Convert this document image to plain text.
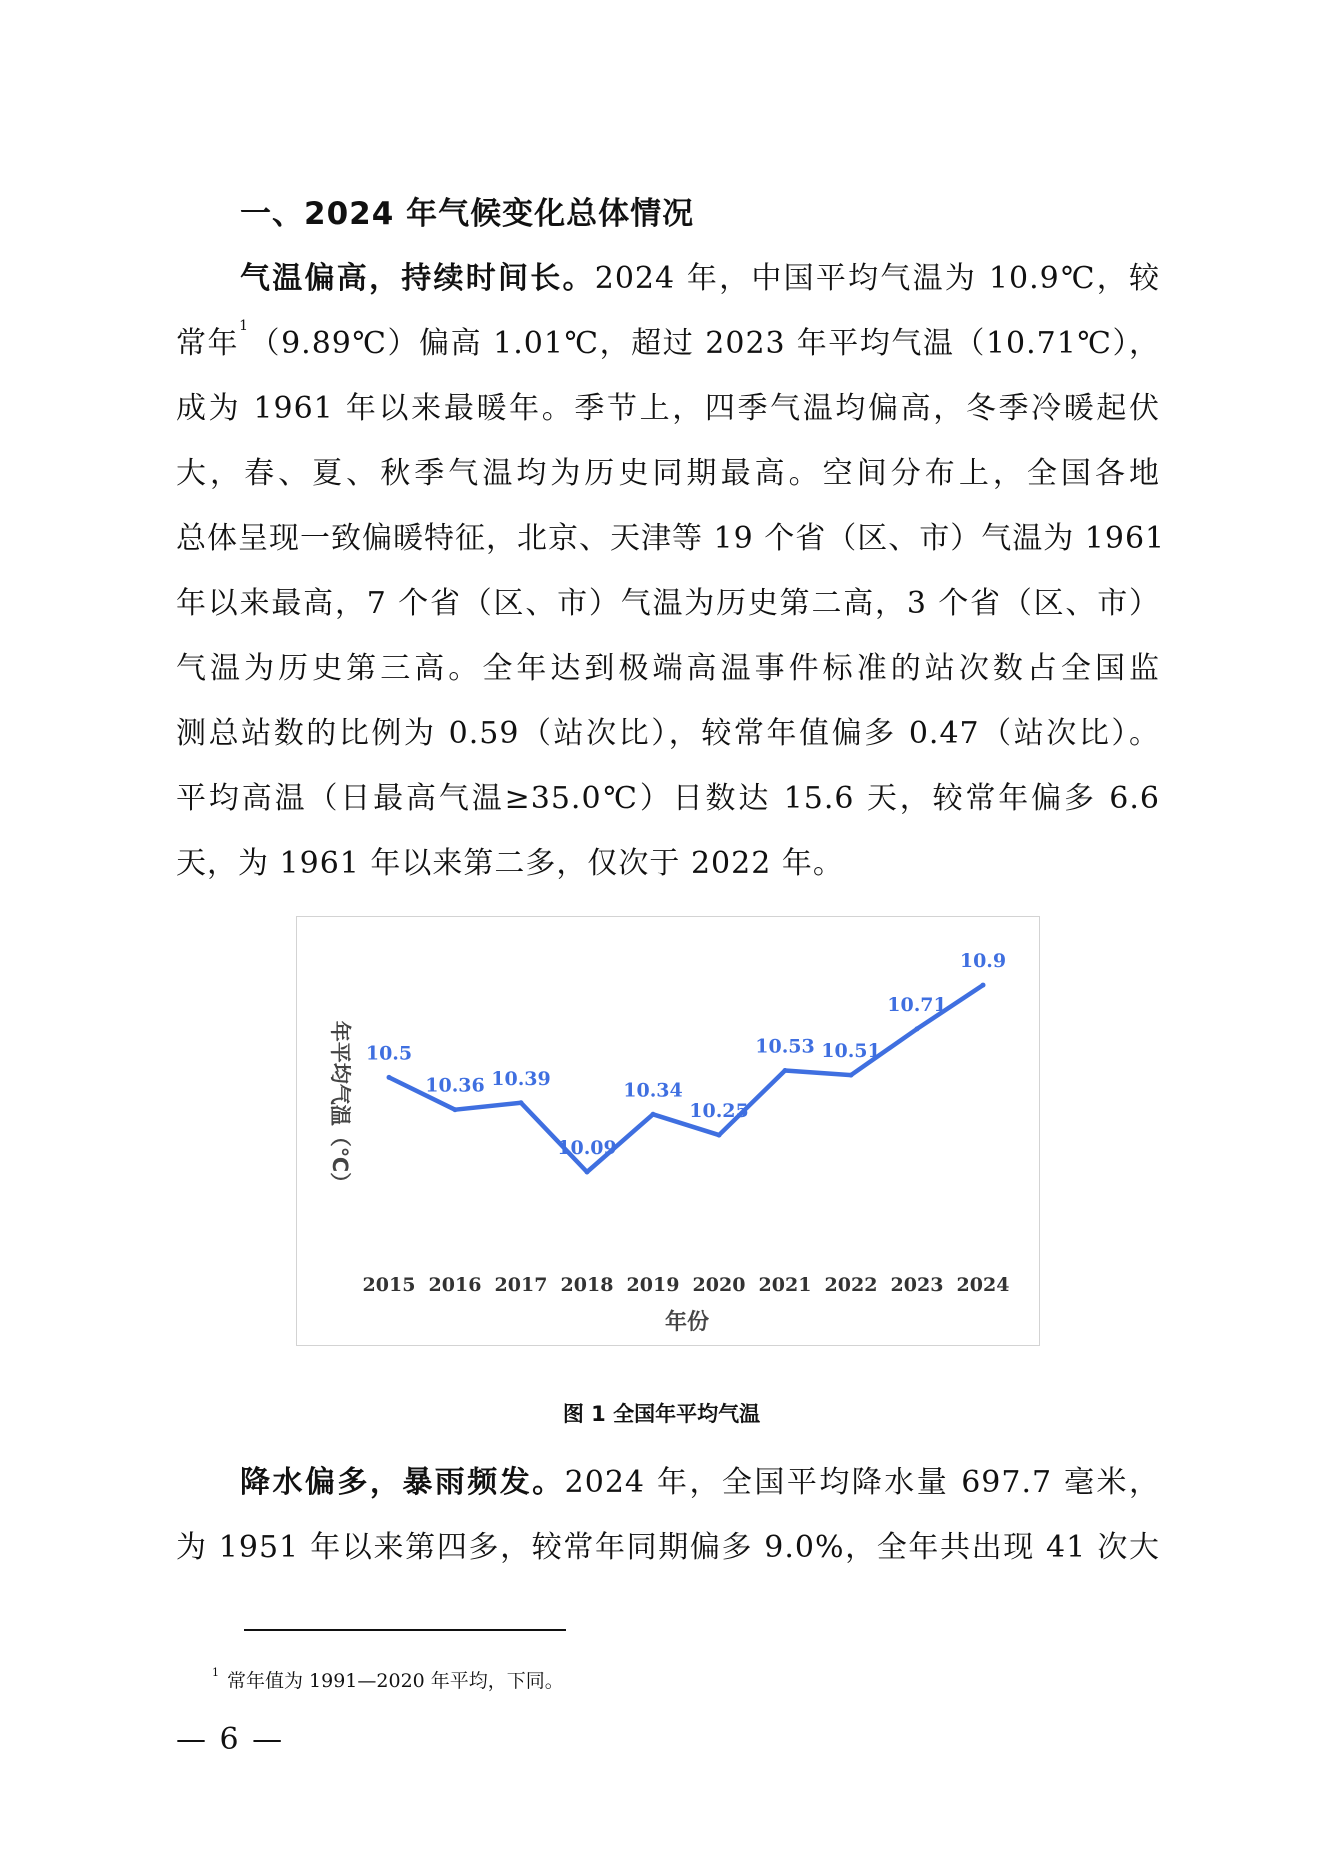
一、2024 年气候变化总体情况

气温偏高，持续时间长。2024 年，中国平均气温为 10.9℃，较

常年$^1$（9.89℃）偏高 1.01℃，超过 2023 年平均气温（10.71℃），

成为 1961 年以来最暖年。季节上，四季气温均偏高，冬季冷暖起伏

大，春、夏、秋季气温均为历史同期最高。空间分布上，全国各地

总体呈现一致偏暖特征，北京、天津等 19 个省（区、市）气温为 1961

年以来最高，7 个省（区、市）气温为历史第二高，3 个省（区、市）

气温为历史第三高。全年达到极端高温事件标准的站次数占全国监

测总站数的比例为 0.59（站次比），较常年值偏多 0.47（站次比）。

平均高温（日最高气温≥35.0℃）日数达 15.6 天，较常年偏多 6.6

天，为 1961 年以来第二多，仅次于 2022 年。

10.5
10.36 10.39
10.09
10.34
10.25
10.53 10.51
10.71
10.9
2015 2016 2017 2018 2019 2020 2021 2022 2023 2024
年份
年平均气温（℃）
图 1 全国年平均气温

降水偏多，暴雨频发。2024 年，全国平均降水量 697.7 毫米，

为 1951 年以来第四多，较常年同期偏多 9.0%，全年共出现 41 次大

$^1$ 常年值为 1991—2020 年平均，下同。
— 6 —
